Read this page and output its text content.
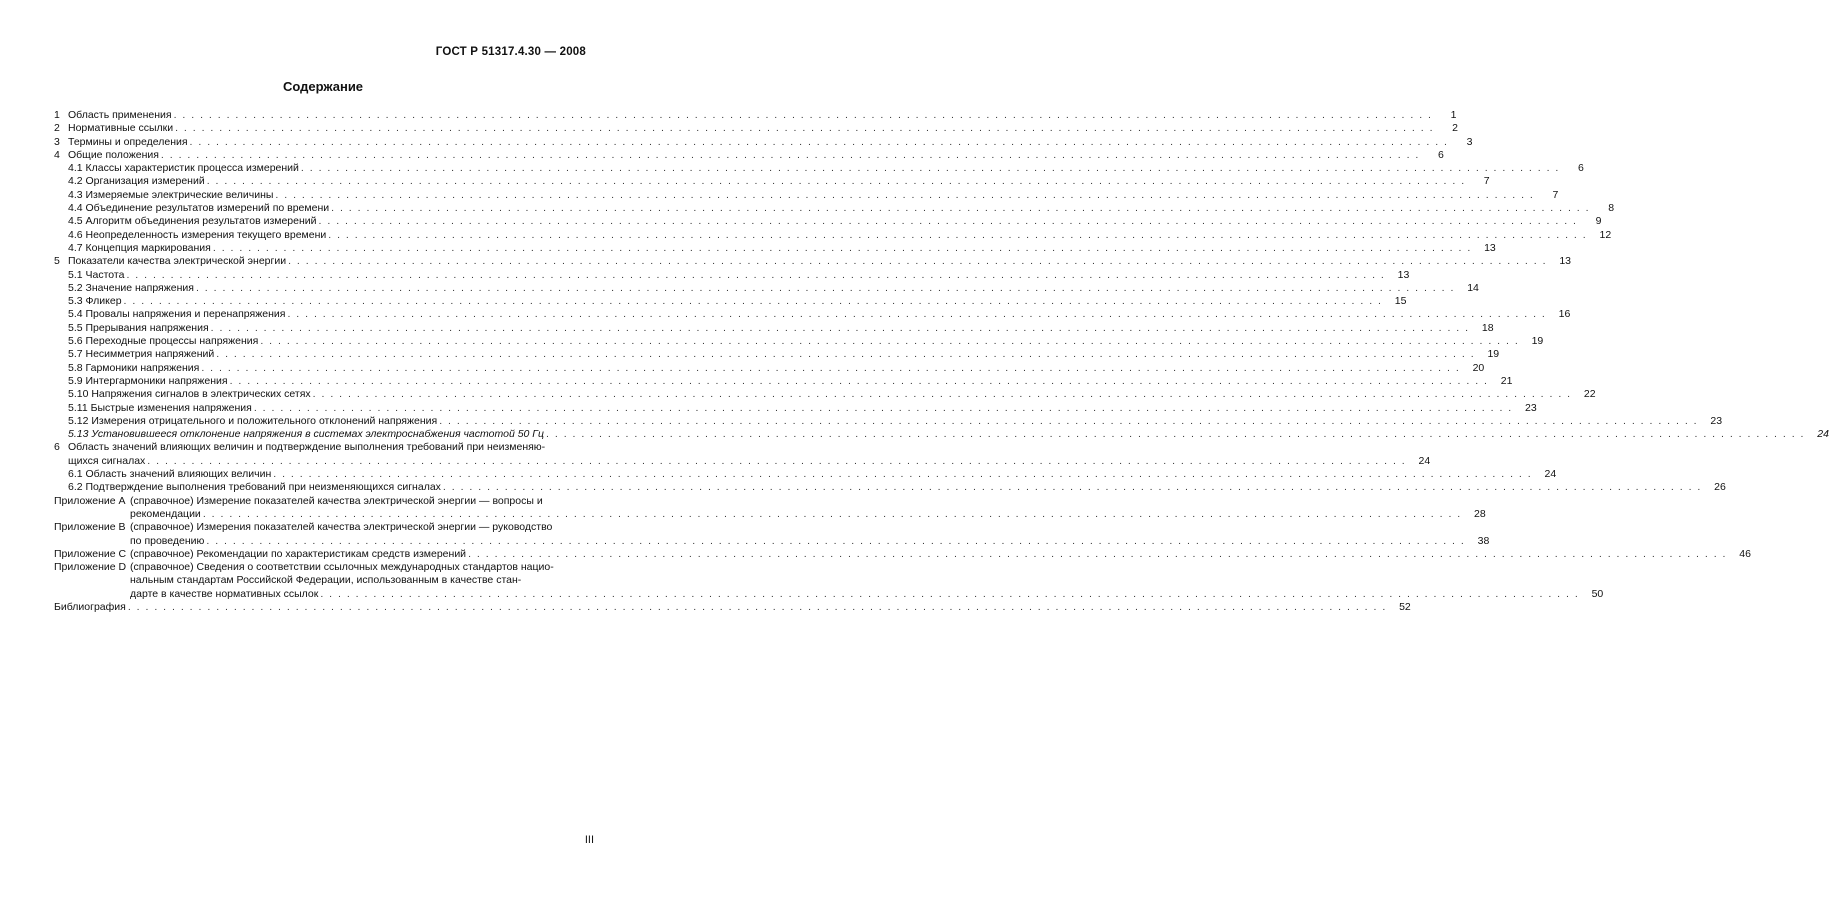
ГОСТ Р 51317.4.30 — 2008
Содержание
1 Область применения . . .	1
2 Нормативные ссылки . . .	2
3 Термины и определения . . .	3
4 Общие положения . . .	6
4.1 Классы характеристик процесса измерений . . .	6
4.2 Организация измерений . . .	7
4.3 Измеряемые электрические величины . . .	7
4.4 Объединение результатов измерений по времени . . .	8
4.5 Алгоритм объединения результатов измерений . . .	9
4.6 Неопределенность измерения текущего времени . . .	12
4.7 Концепция маркирования . . .	13
5 Показатели качества электрической энергии . . .	13
5.1 Частота . . .	13
5.2 Значение напряжения . . .	14
5.3 Фликер . . .	15
5.4 Провалы напряжения и перенапряжения . . .	16
5.5 Прерывания напряжения . . .	18
5.6 Переходные процессы напряжения . . .	19
5.7 Несимметрия напряжений . . .	19
5.8 Гармоники напряжения . . .	20
5.9 Интергармоники напряжения . . .	21
5.10 Напряжения сигналов в электрических сетях . . .	22
5.11 Быстрые изменения напряжения . . .	23
5.12 Измерения отрицательного и положительного отклонений напряжения . . .	23
5.13 Установившееся отклонение напряжения в системах электроснабжения частотой 50 Гц . . .	24
6 Область значений влияющих величин и подтверждение выполнения требований при неизменяю-
щихся сигналах . . .	24
6.1 Область значений влияющих величин . . .	24
6.2 Подтверждение выполнения требований при неизменяющихся сигналах . . .	26
Приложение А (справочное) Измерение показателей качества электрической энергии — вопросы и
рекомендации . . .	28
Приложение В (справочное) Измерения показателей качества электрической энергии — руководство
по проведению . . .	38
Приложение С (справочное) Рекомендации по характеристикам средств измерений . . .	46
Приложение D (справочное) Сведения о соответствии ссылочных международных стандартов нацио-
нальным стандартам Российской Федерации, использованным в качестве стан-
дарте в качестве нормативных ссылок . . .	50
Библиография . . .	52
III
